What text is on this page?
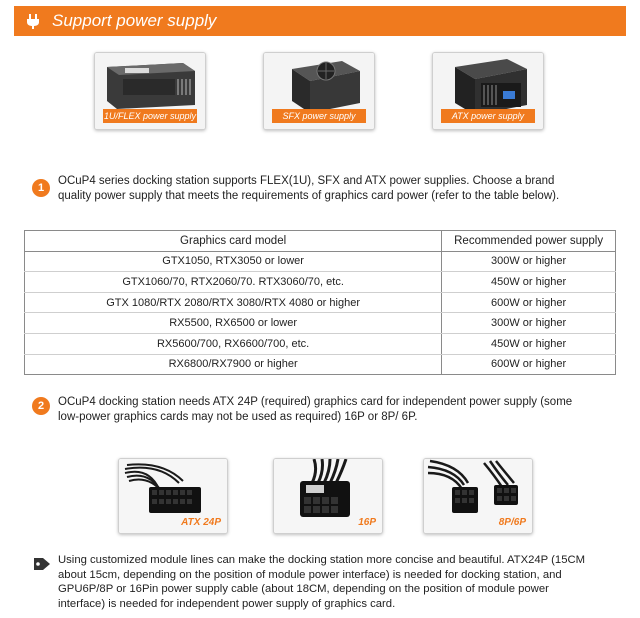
Support power supply
1U/FLEX power supply	SFX power supply	ATX power supply
1
OCuP4 series docking station supports FLEX(1U), SFX and ATX power supplies. Choose a brand
quality power supply that meets the requirements of graphics card power (refer to the table below).
Graphics card model	Recommended power supply
GTX1050, RTX3050 or lower	300W or higher
GTX1060/70, RTX2060/70. RTX3060/70, etc.	450W or higher
GTX 1080/RTX 2080/RTX 3080/RTX 4080 or higher	600W or higher
RX5500, RX6500 or lower	300W or higher
RX5600/700, RX6600/700, etc.	450W or higher
RX6800/RX7900 or higher	600W or higher
2	OCuP4 docking station needs ATX 24P (required) graphics card for independent power supply (some
low-power graphics cards may not be used as required) 16P or 8P/ 6P.
ATX 24P	16P	8P/6P
Using customized module lines can make the docking station more concise and beautiful. ATX24P (15CM
about 15cm, depending on the position of module power interface) is needed for docking station, and
GPU6P/8P or 16Pin power supply cable (about 18CM, depending on the position of module power
interface) is needed for independent power supply of graphics card.
